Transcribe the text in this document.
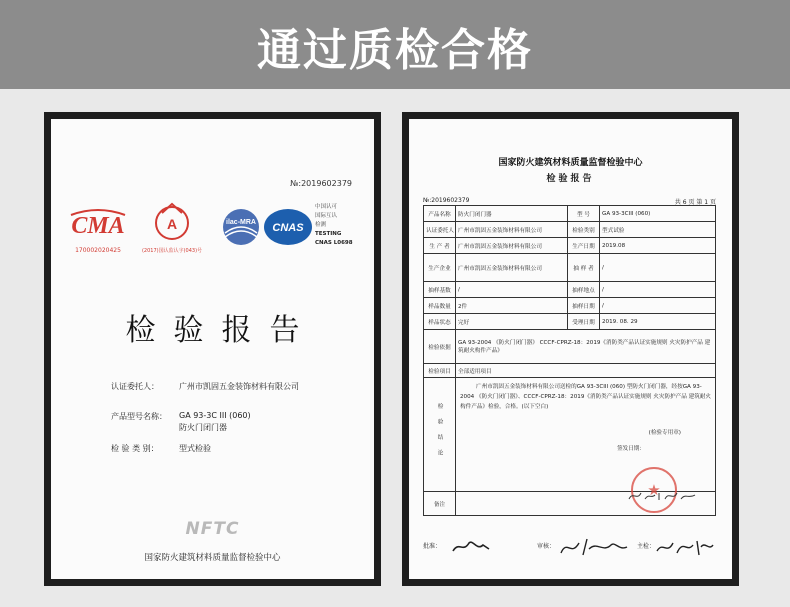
通过质检合格
№:2019602379
CMA
170002020425
A
(2017)国认监认字(043)号
ilac-MRA CNAS
中国认可
国际互认
检测
TESTING
CNAS L0698
检验报告
认证委托人：	广州市凯固五金装饰材料有限公司
产品型号名称： GA 93-3C III (060)
防火门闭门器
检 验 类 别：	型式检验
NFTC
国家防火建筑材料质量监督检验中心
国家防火建筑材料质量监督检验中心
检验报告
№:2019602379	共 6 页 第 1 页
产品名称	防火门闭门器	型 号	GA 93-3CIII (060)
认证委托人	广州市凯固五金装饰材料有限公司	检验类别	型式试验
生 产 者	广州市凯固五金装饰材料有限公司	生产日期	2019.08
生产企业	广州市凯固五金装饰材料有限公司	抽 样 者	/
抽样基数	/	抽样地点	/
样品数量	2件	抽样日期	/
样品状态	完好	受理日期	2019. 08. 29
检验依据	GA 93-2004 《防火门闭门器》 CCCF-CPRZ-18：2019《消防类产品认证实施规则 火灾防护产品 建筑耐火构件产品》		
检验项目	全部适用项目		

检验结论	广州市凯固五金装饰材料有限公司送检的GA 93-3CIII (060) 型防火门闭门器，经按GA 93-2004 《防火门闭门器》、CCCF-CPRZ-18：2019《消防类产品认证实施规则 火灾防护产品 建筑耐火构件产品》检验，合格。(以下空白)
(检验专用章)
签发日期：		

备注			
★
批准：	审核：	主检：
